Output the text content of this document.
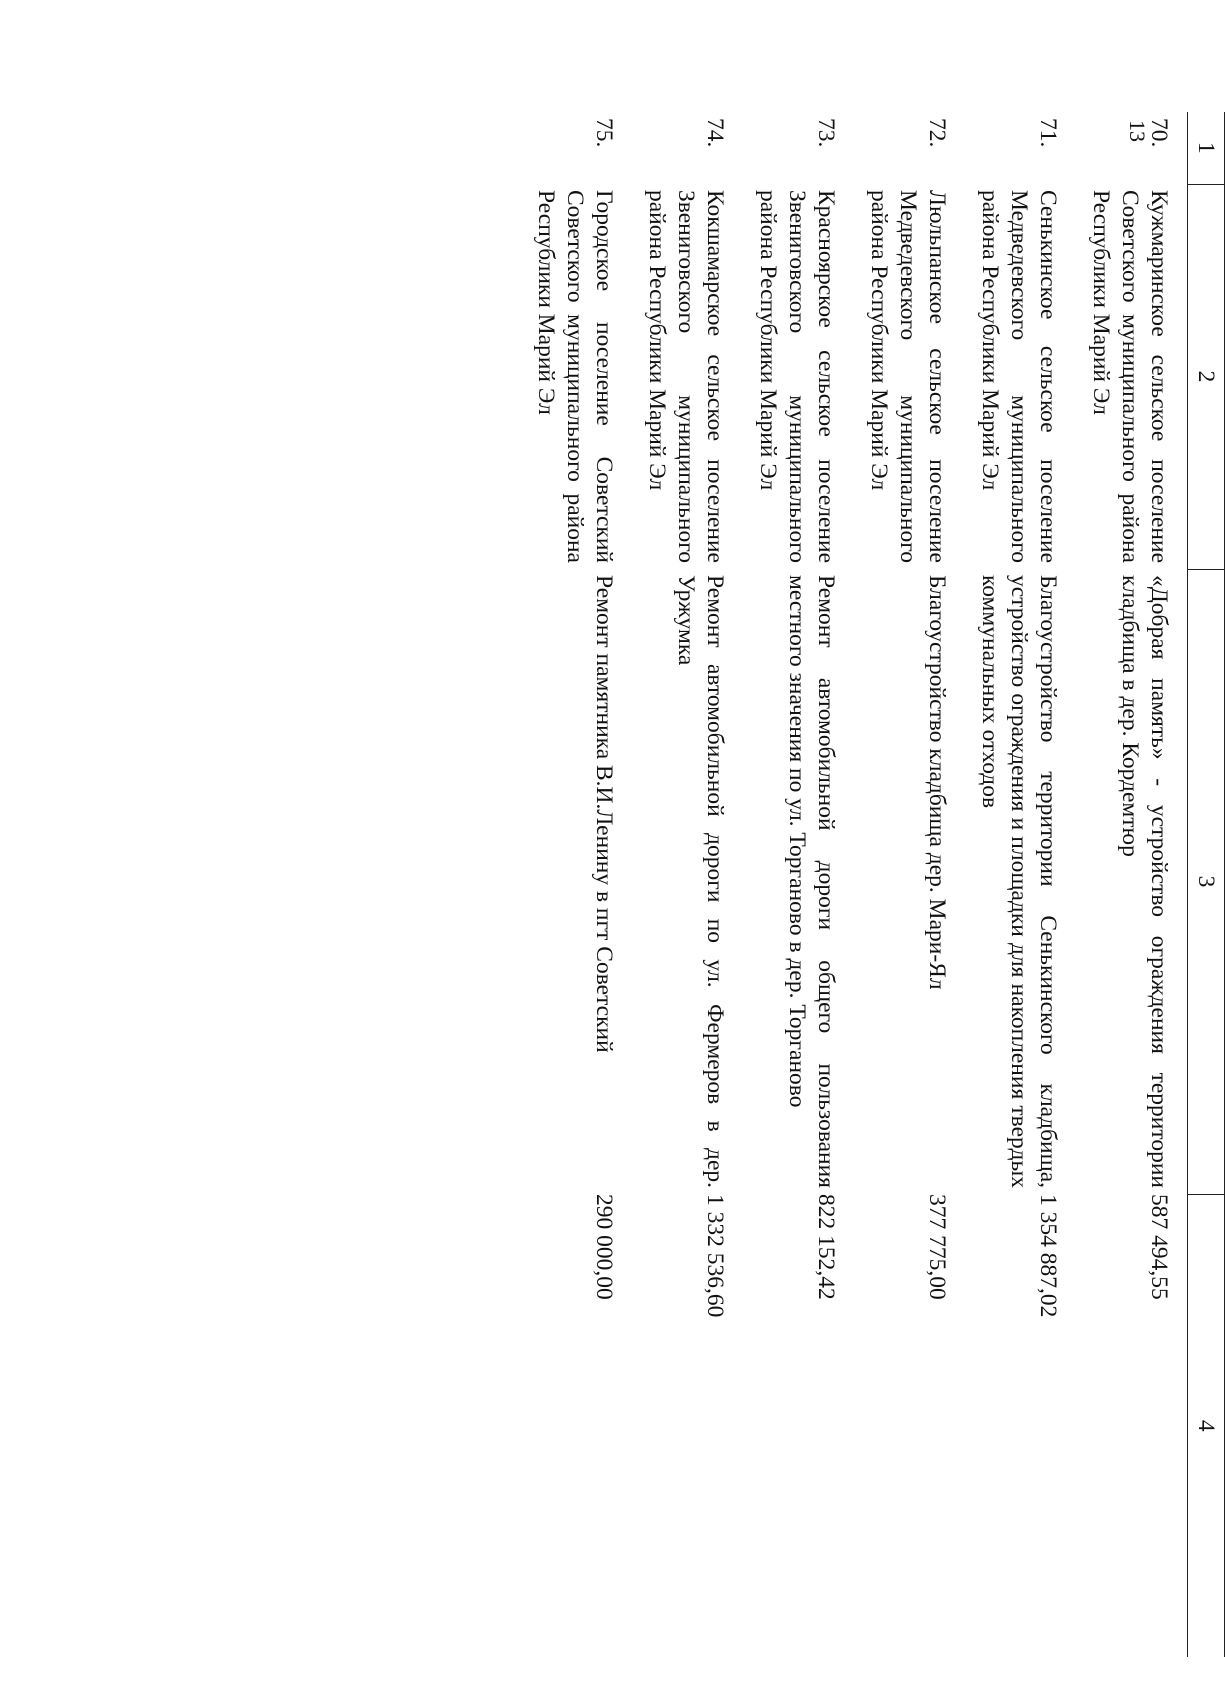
13
1	2	3	4
70.	Кужмаринское сельское поселение Советского муниципального района Республики Марий Эл	«Добрая память» - устройство ограждения территории кладбища в дер. Кордемтюр	587 494,55
71.	Сенькинское сельское поселение Медведевского муниципального района Республики Марий Эл	Благоустройство территории Сенькинского кладбища, устройство ограждения и площадки для накопления твердых коммунальных отходов	1 354 887,02
72.	Люльпанское сельское поселение Медведевского муниципального района Республики Марий Эл	Благоустройство кладбища дер. Мари-Ял	377 775,00
73.	Красноярское сельское поселение Звениговского муниципального района Республики Марий Эл	Ремонт автомобильной дороги общего пользования местного значения по ул. Торганово в дер. Торганово	822 152,42
74.	Кокшамарское сельское поселение Звениговского муниципального района Республики Марий Эл	Ремонт автомобильной дороги по ул. Фермеров в дер. Уржумка	1 332 536,60
75.	Городское поселение Советский Советского муниципального района Республики Марий Эл	Ремонт памятника В.И.Ленину в пгт Советский	290 000,00
